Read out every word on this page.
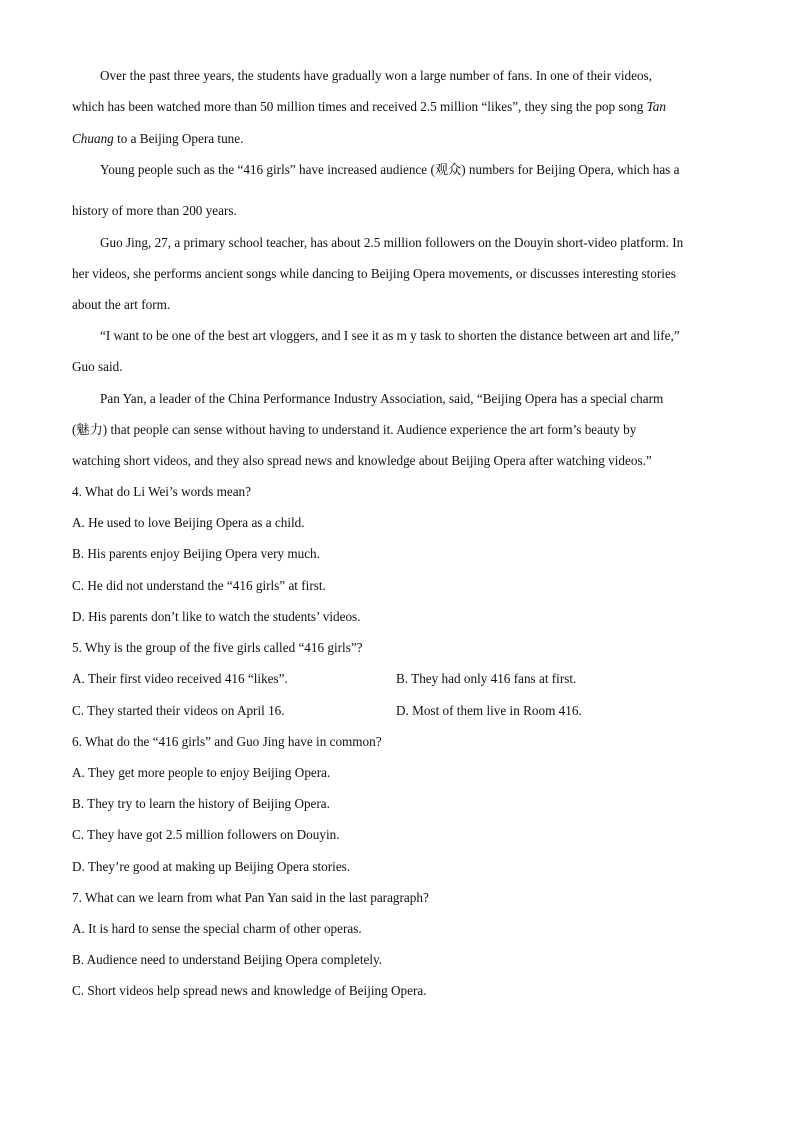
Over the past three years, the students have gradually won a large number of fans. In one of their videos,
which has been watched more than 50 million times and received 2.5 million “likes”, they sing the pop song Tan
Chuang to a Beijing Opera tune.
Young people such as the “416 girls” have increased audience (观众) numbers for Beijing Opera, which has a
history of more than 200 years.
Guo Jing, 27, a primary school teacher, has about 2.5 million followers on the Douyin short-video platform. In
her videos, she performs ancient songs while dancing to Beijing Opera movements, or discusses interesting stories
about the art form.
“I want to be one of the best art vloggers, and I see it as m y task to shorten the distance between art and life,”
Guo said.
Pan Yan, a leader of the China Performance Industry Association, said, “Beijing Opera has a special charm
(魅力) that people can sense without having to understand it. Audience experience the art form’s beauty by
watching short videos, and they also spread news and knowledge about Beijing Opera after watching videos.”
4. What do Li Wei’s words mean?
A. He used to love Beijing Opera as a child.
B. His parents enjoy Beijing Opera very much.
C. He did not understand the “416 girls” at first.
D. His parents don’t like to watch the students’ videos.
5. Why is the group of the five girls called “416 girls”?
A. Their first video received 416 “likes”.	B. They had only 416 fans at first.
C. They started their videos on April 16.	D. Most of them live in Room 416.
6. What do the “416 girls” and Guo Jing have in common?
A. They get more people to enjoy Beijing Opera.
B. They try to learn the history of Beijing Opera.
C. They have got 2.5 million followers on Douyin.
D. They’re good at making up Beijing Opera stories.
7. What can we learn from what Pan Yan said in the last paragraph?
A. It is hard to sense the special charm of other operas.
B. Audience need to understand Beijing Opera completely.
C. Short videos help spread news and knowledge of Beijing Opera.
